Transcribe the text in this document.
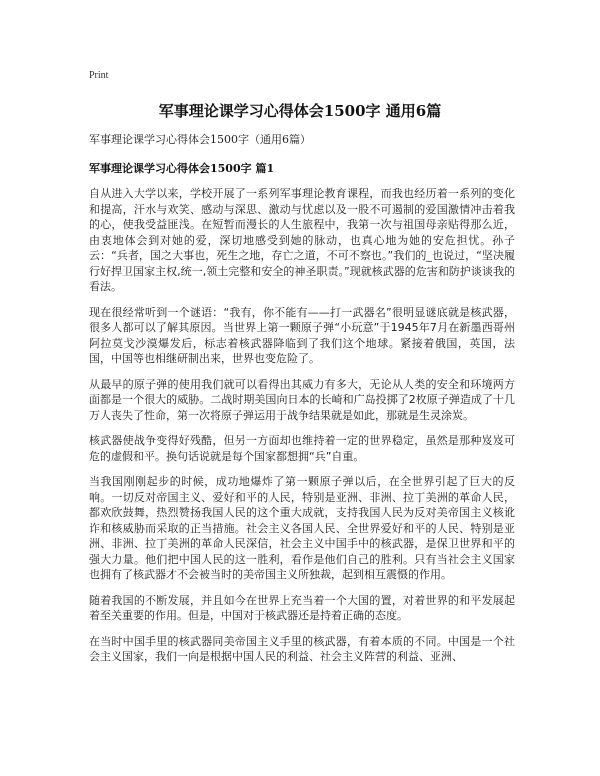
Print
军事理论课学习心得体会1500字 通用6篇
军事理论课学习心得体会1500字（通用6篇）
军事理论课学习心得体会1500字 篇1

自从进入大学以来，学校开展了一系列军事理论教育课程，而我也经历着一系列的变化和提高，汗水与欢笑、感动与深思、激动与忧虑以及一股不可遏制的爱国激情冲击着我的心，使我受益匪浅。在短暂而漫长的人生旅程中，我第一次与祖国母亲贴得那么近，由衷地体会到对她的爱，深切地感受到她的脉动，也真心地为她的安危担忧。孙子云：“兵者，国之大事也，死生之地，存亡之道，不可不察也。”我们的_也说过，“坚决履行好捍卫国家主权,统一,领土完整和安全的神圣职责。”现就核武器的危害和防护谈谈我的看法。

现在很经常听到一个谜语：“我有，你不能有——打一武器名”很明显谜底就是核武器，很多人都可以了解其原因。当世界上第一颗原子弹“小玩意”于1945年7月在新墨西哥州阿拉莫戈沙漠爆发后，标志着核武器降临到了我们这个地球。紧接着俄国，英国，法国，中国等也相继研制出来，世界也变危险了。

从最早的原子弹的使用我们就可以看得出其威力有多大，无论从人类的安全和环境两方面都是一个很大的威胁。二战时期美国向日本的长崎和广岛投掷了2枚原子弹造成了十几万人丧失了性命，第一次将原子弹运用于战争结果就是如此，那就是生灵涂炭。

核武器使战争变得好残酷，但另一方面却也维持着一定的世界稳定，虽然是那种岌岌可危的虚假和平。换句话说就是每个国家都想拥“兵”自重。

当我国刚刚起步的时候，成功地爆炸了第一颗原子弹以后，在全世界引起了巨大的反响。一切反对帝国主义、爱好和平的人民，特别是亚洲、非洲、拉丁美洲的革命人民，都欢欣鼓舞，热烈赞扬我国人民的这个重大成就，支持我国人民为反对美帝国主义核讹诈和核威胁而采取的正当措施。社会主义各国人民、全世界爱好和平的人民、特别是亚洲、非洲、拉丁美洲的革命人民深信，社会主义中国手中的核武器，是保卫世界和平的强大力量。他们把中国人民的这一胜利，看作是他们自己的胜利。只有当社会主义国家也拥有了核武器才不会被当时的美帝国主义所独裁，起到相互震慑的作用。

随着我国的不断发展，并且如今在世界上充当着一个大国的置，对着世界的和平发展起着至关重要的作用。但是，中国对于核武器还是持着正确的态度。

在当时中国手里的核武器同美帝国主义手里的核武器，有着本质的不同。中国是一个社会主义国家，我们一向是根据中国人民的利益、社会主义阵营的利益、亚洲、
